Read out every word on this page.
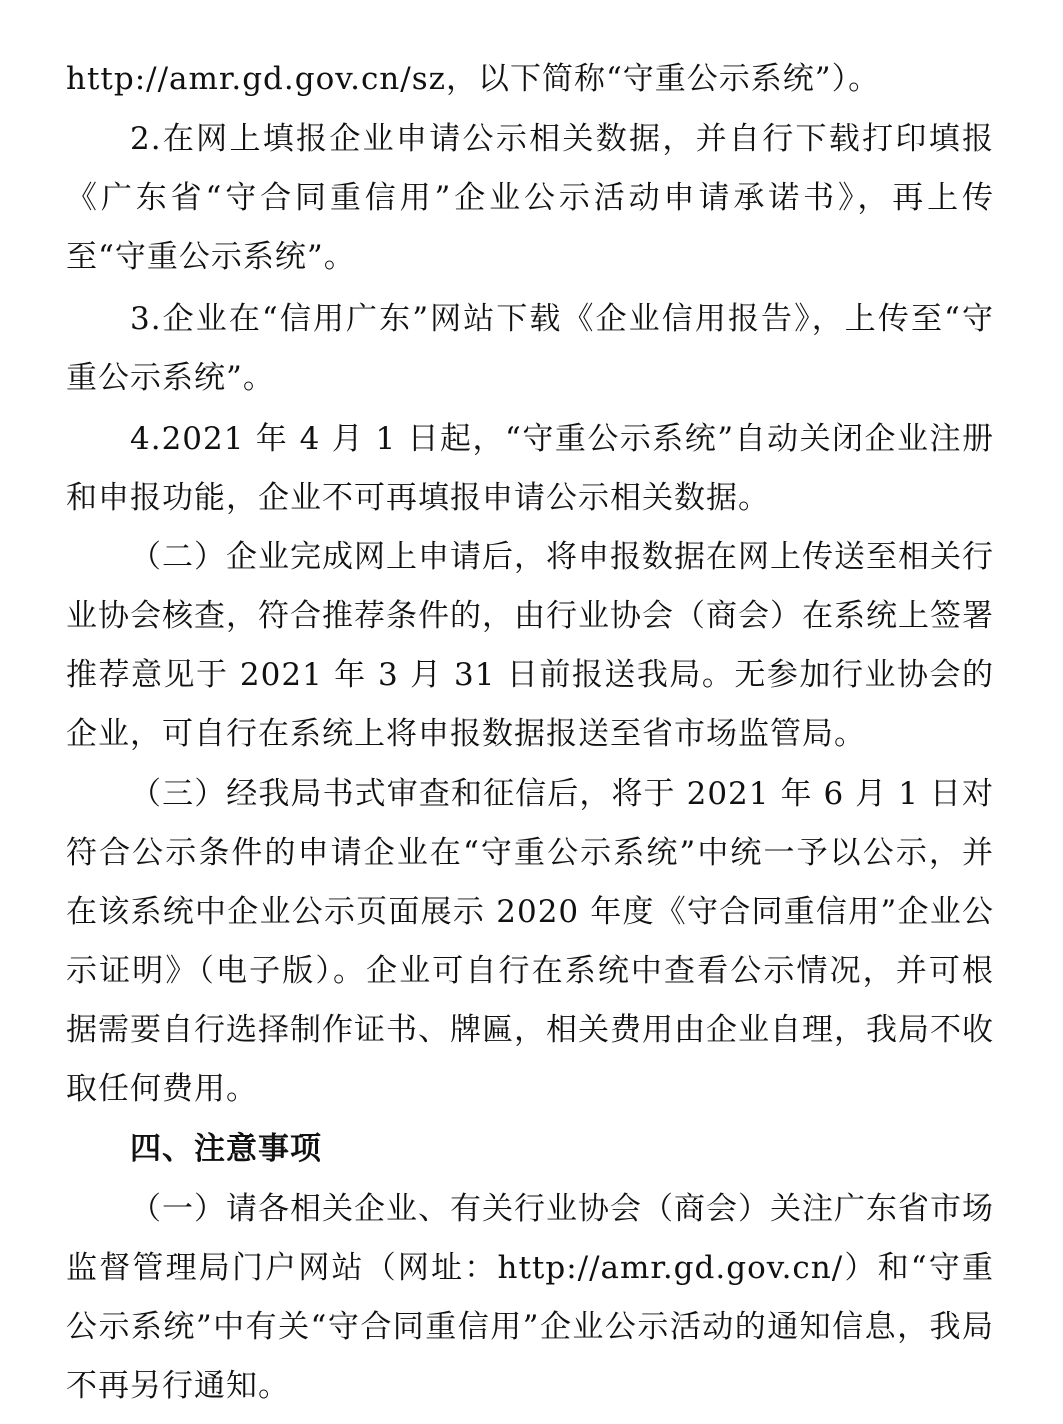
http://amr.gd.gov.cn/sz，以下简称“守重公示系统”）。

2.在网上填报企业申请公示相关数据，并自行下载打印填报《广东省“守合同重信用”企业公示活动申请承诺书》，再上传至“守重公示系统”。

3.企业在“信用广东”网站下载《企业信用报告》，上传至“守重公示系统”。

4.2021 年 4 月 1 日起，“守重公示系统”自动关闭企业注册和申报功能，企业不可再填报申请公示相关数据。

（二）企业完成网上申请后，将申报数据在网上传送至相关行业协会核查，符合推荐条件的，由行业协会（商会）在系统上签署推荐意见于 2021 年 3 月 31 日前报送我局。无参加行业协会的企业，可自行在系统上将申报数据报送至省市场监管局。

（三）经我局书式审查和征信后，将于 2021 年 6 月 1 日对符合公示条件的申请企业在“守重公示系统”中统一予以公示，并在该系统中企业公示页面展示 2020 年度《守合同重信用”企业公示证明》（电子版）。企业可自行在系统中查看公示情况，并可根据需要自行选择制作证书、牌匾，相关费用由企业自理，我局不收取任何费用。

四、注意事项

（一）请各相关企业、有关行业协会（商会）关注广东省市场监督管理局门户网站（网址：http://amr.gd.gov.cn/）和“守重公示系统”中有关“守合同重信用”企业公示活动的通知信息，我局不再另行通知。
